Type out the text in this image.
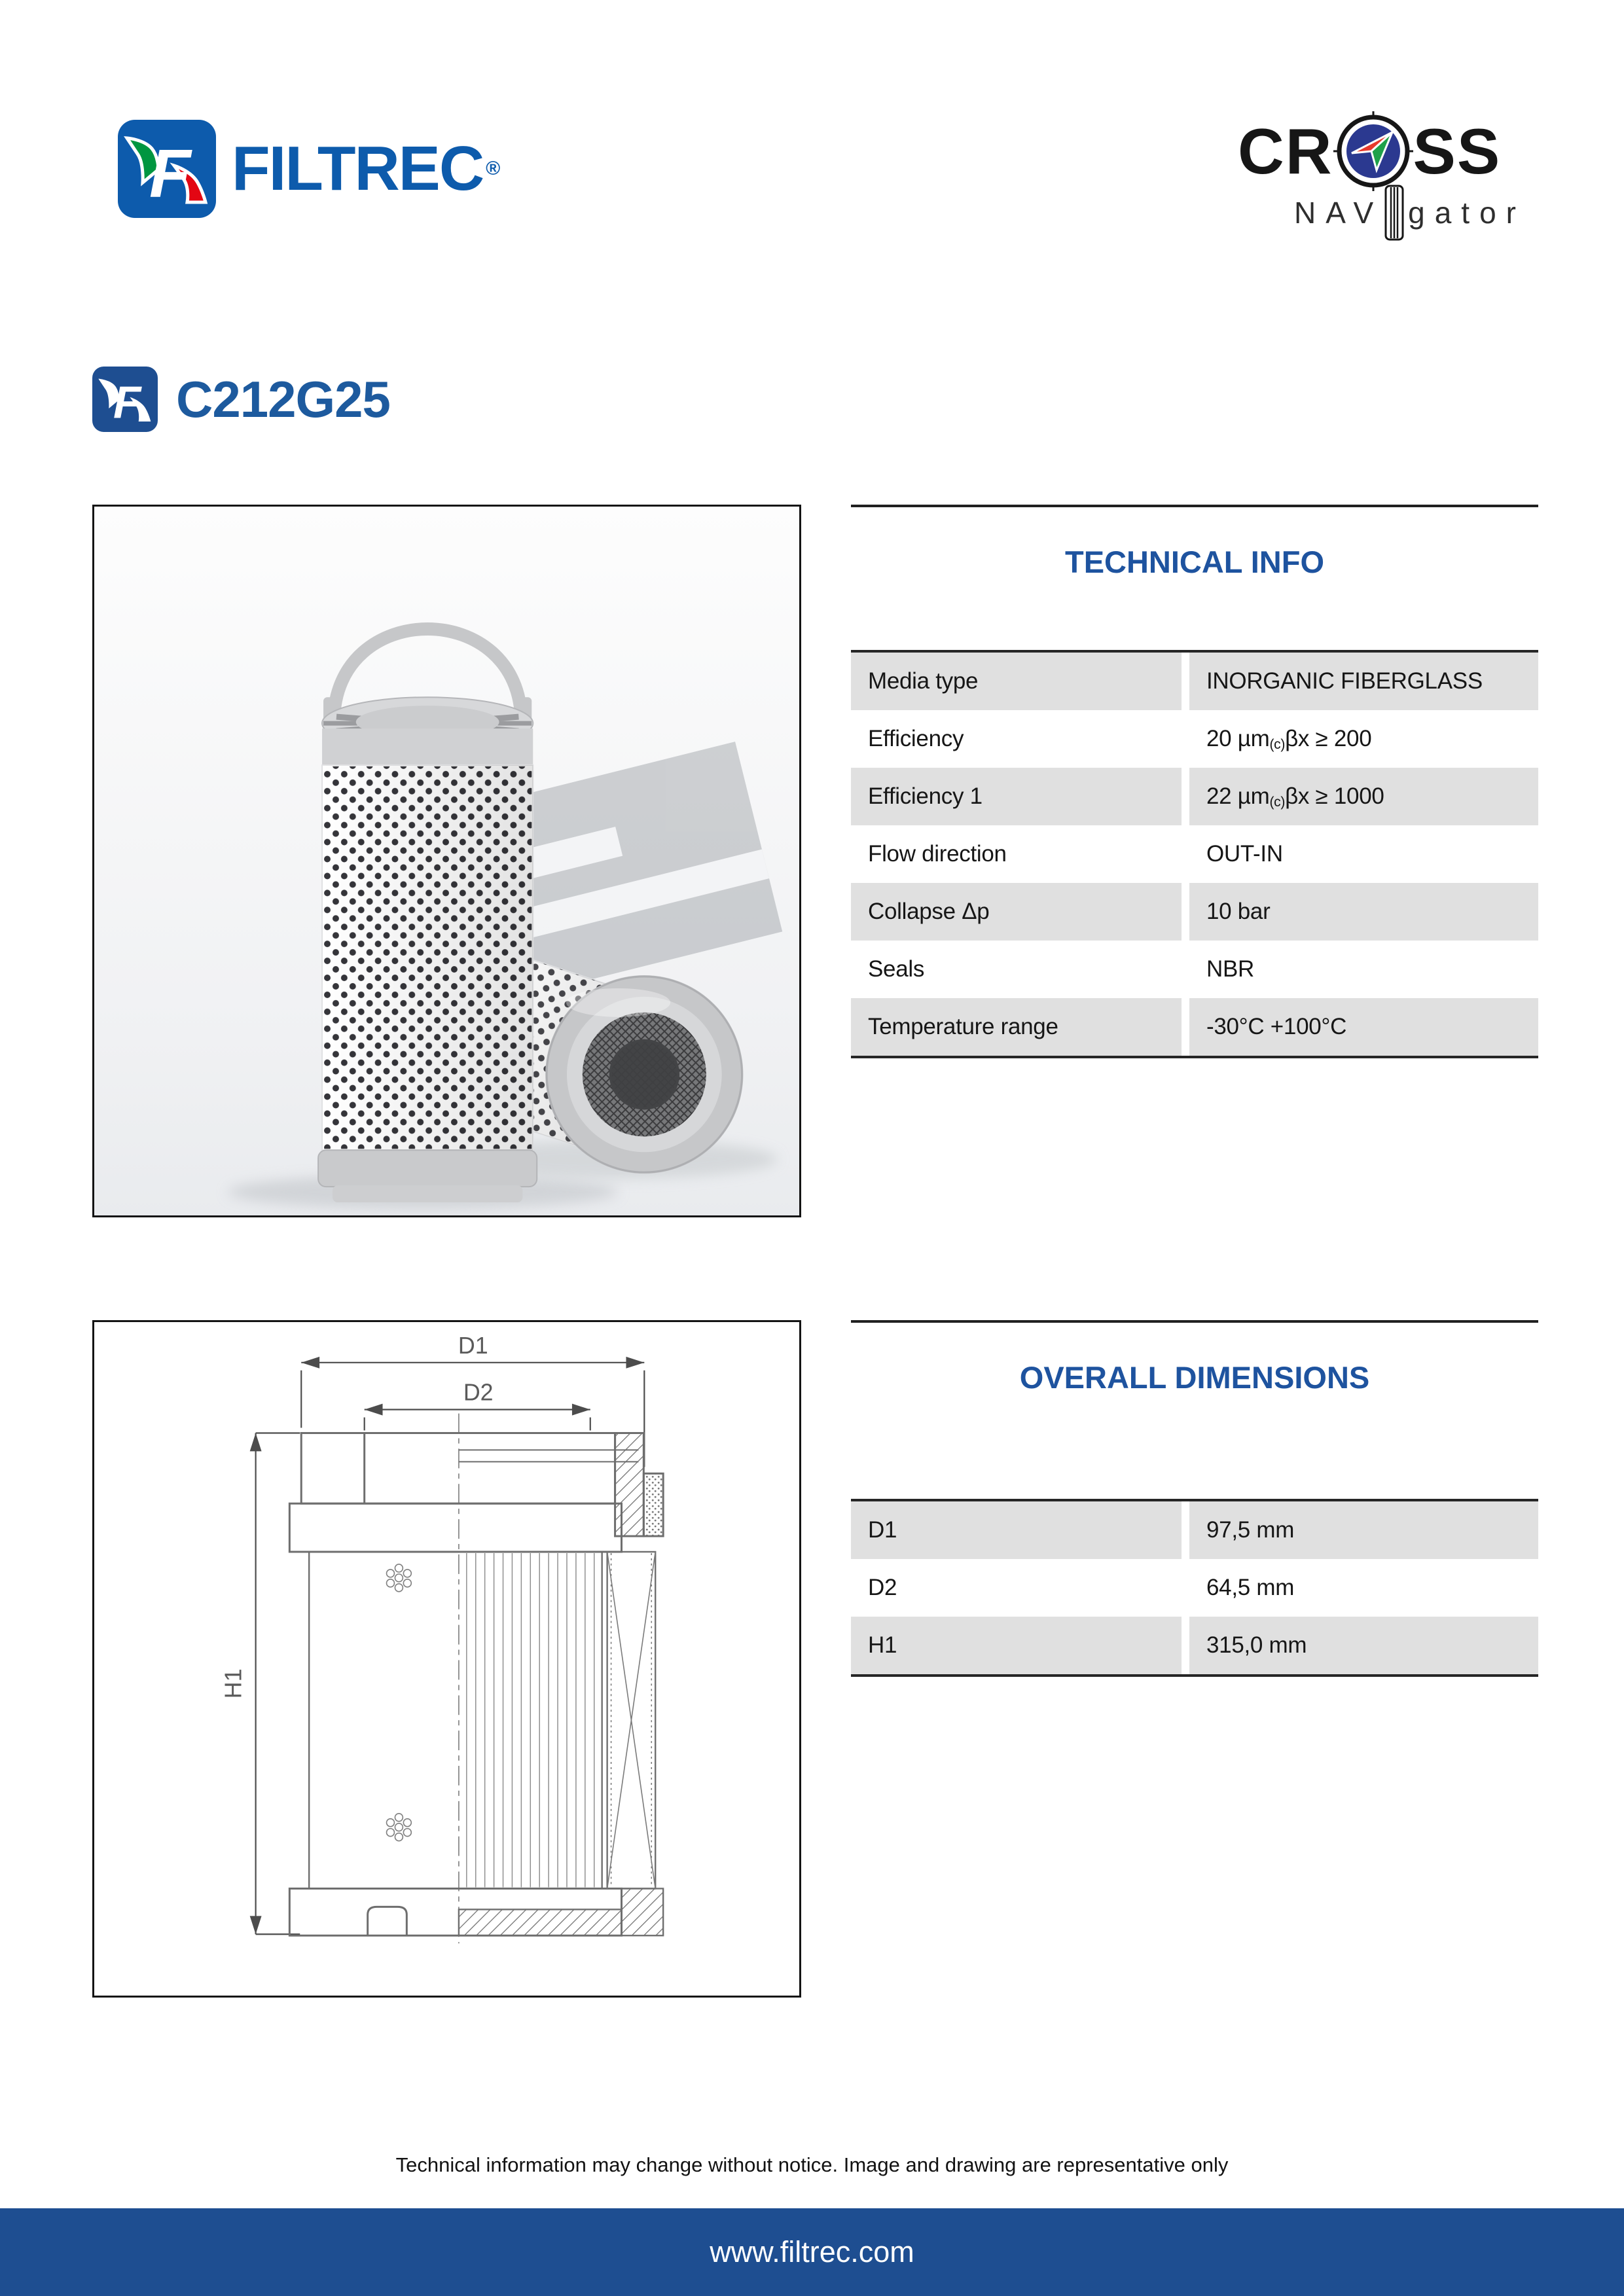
F FILTREC ®	CR SS
NAV gator
F C212G25
TECHNICAL INFO
Media type	INORGANIC FIBERGLASS
Efficiency	20 µm$_{(c)}$ βx ≥ 200
Efficiency 1	22 µm$_{(c)}$ βx ≥ 1000
Flow direction	OUT-IN
Collapse Δp	10 bar
Seals	NBR
Temperature range	-30°C +100°C
D1
D2
H1
OVERALL DIMENSIONS
D1	97,5 mm
D2	64,5 mm
H1	315,0 mm
Technical information may change without notice. Image and drawing are representative only
www.filtrec.com
